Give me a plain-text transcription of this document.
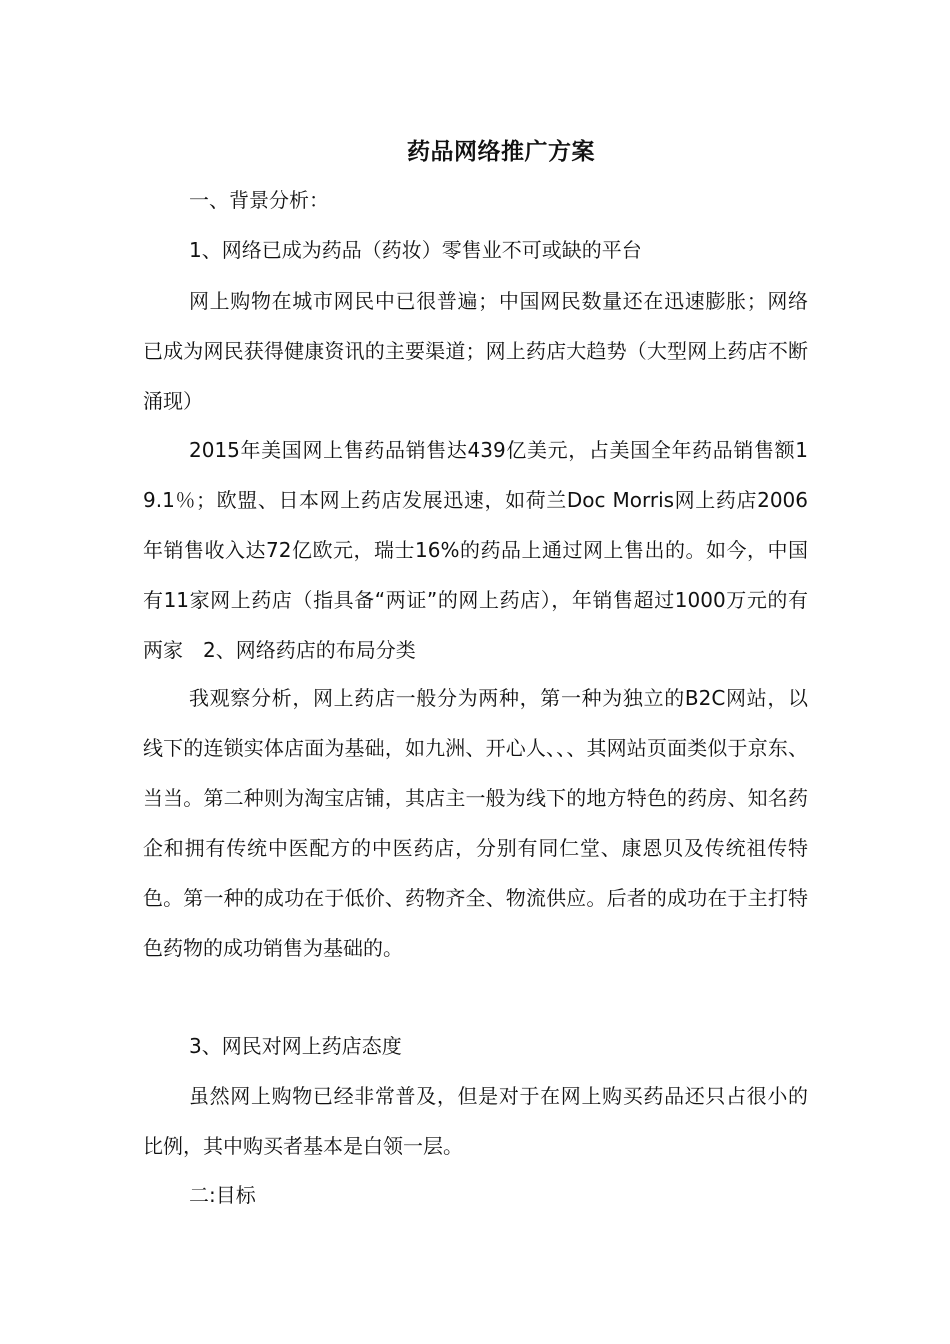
药品网络推广方案

一、背景分析：

1、网络已成为药品（药妆）零售业不可或缺的平台

网上购物在城市网民中已很普遍；中国网民数量还在迅速膨胀；网络已成为网民获得健康资讯的主要渠道；网上药店大趋势（大型网上药店不断涌现）

2015年美国网上售药品销售达439亿美元，占美国全年药品销售额19.1％；欧盟、日本网上药店发展迅速，如荷兰Doc Morris网上药店2006年销售收入达72亿欧元，瑞士16%的药品上通过网上售出的。如今，中国有11家网上药店（指具备“两证”的网上药店），年销售超过1000万元的有两家　2、网络药店的布局分类

我观察分析，网上药店一般分为两种，第一种为独立的B2C网站，以线下的连锁实体店面为基础，如九洲、开心人、、、其网站页面类似于京东、当当。第二种则为淘宝店铺，其店主一般为线下的地方特色的药房、知名药企和拥有传统中医配方的中医药店，分别有同仁堂、康恩贝及传统祖传特色。第一种的成功在于低价、药物齐全、物流供应。后者的成功在于主打特色药物的成功销售为基础的。

3、网民对网上药店态度

虽然网上购物已经非常普及，但是对于在网上购买药品还只占很小的比例，其中购买者基本是白领一层。

二:目标
